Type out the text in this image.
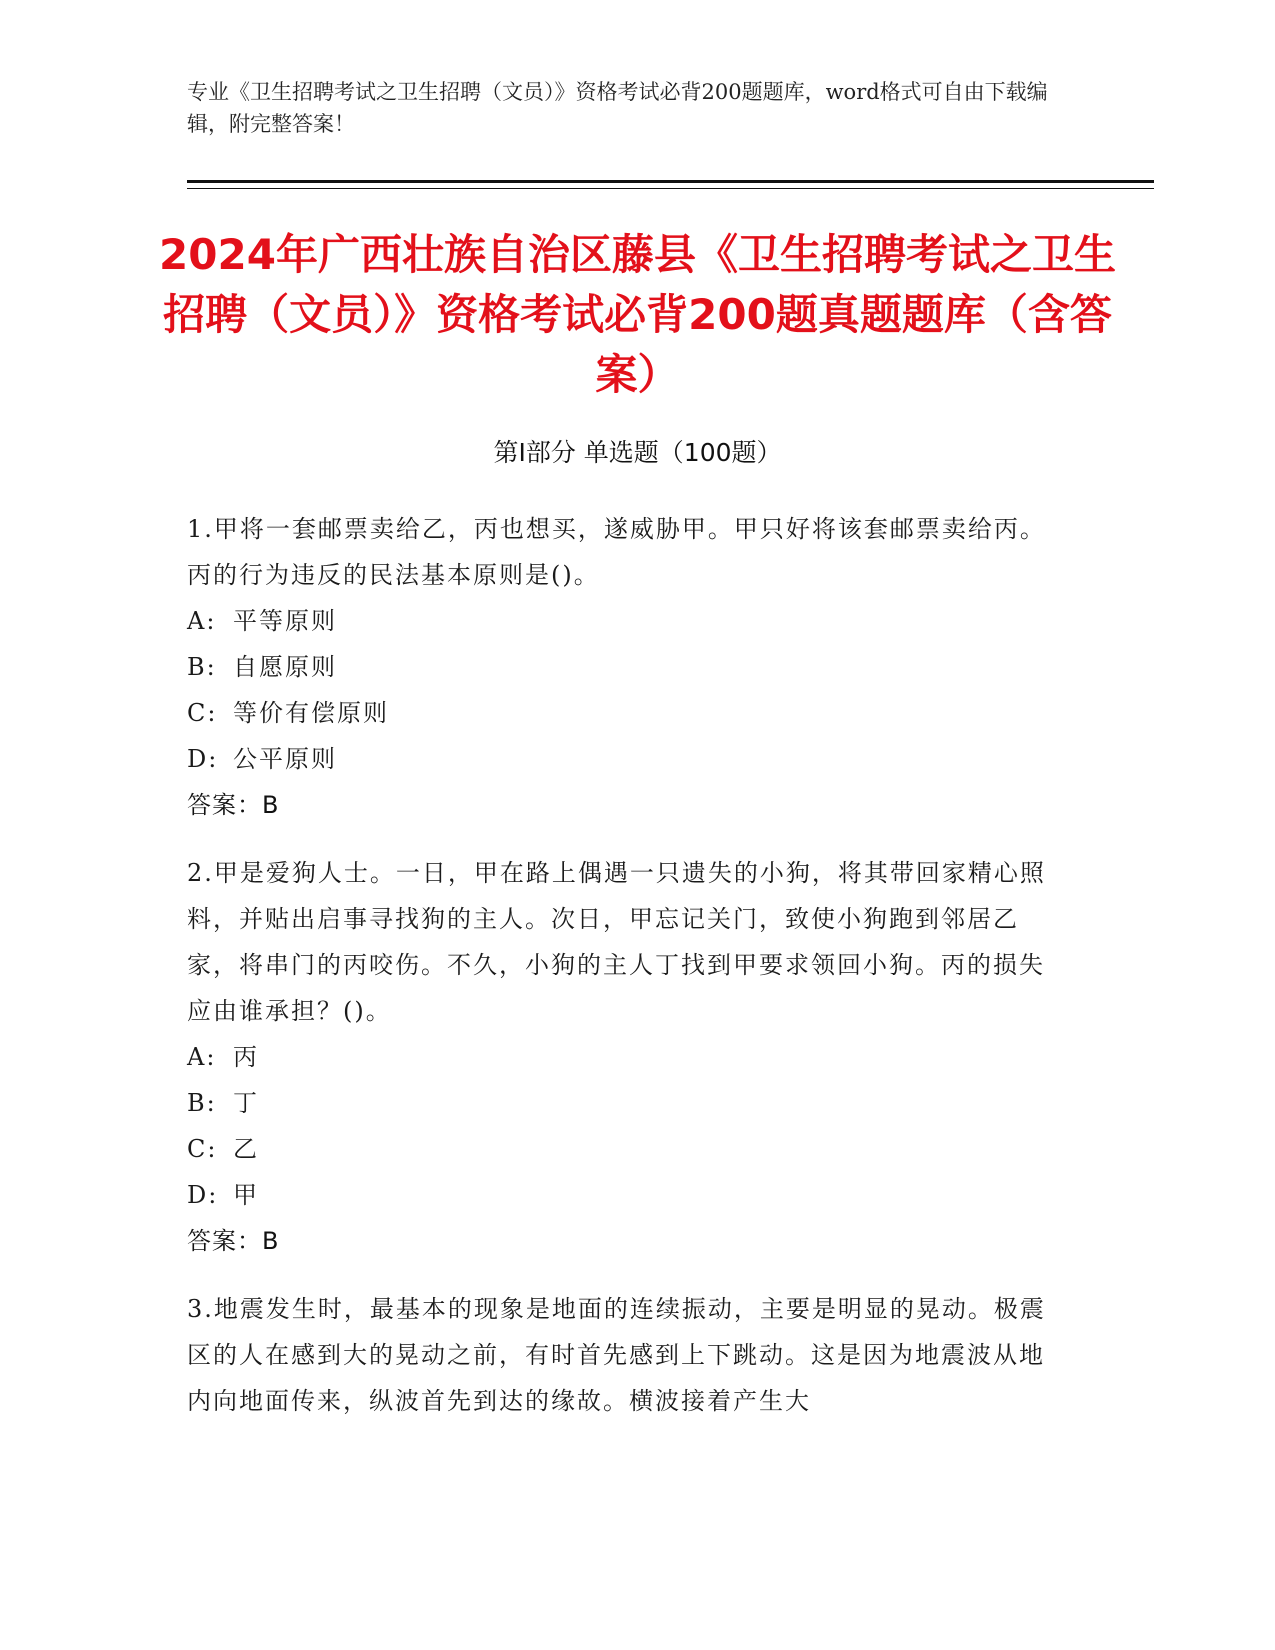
专业《卫生招聘考试之卫生招聘（文员）》资格考试必背200题题库，word格式可自由下载编辑，附完整答案！
2024年广西壮族自治区藤县《卫生招聘考试之卫生招聘（文员）》资格考试必背200题真题题库（含答案）
第Ⅰ部分 单选题（100题）
1.甲将一套邮票卖给乙，丙也想买，遂威胁甲。甲只好将该套邮票卖给丙。丙的行为违反的民法基本原则是()。
A: 平等原则
B: 自愿原则
C: 等价有偿原则
D: 公平原则
答案：B
2.甲是爱狗人士。一日，甲在路上偶遇一只遗失的小狗，将其带回家精心照料，并贴出启事寻找狗的主人。次日，甲忘记关门，致使小狗跑到邻居乙家，将串门的丙咬伤。不久，小狗的主人丁找到甲要求领回小狗。丙的损失应由谁承担？()。
A: 丙
B: 丁
C: 乙
D: 甲
答案：B
3.地震发生时，最基本的现象是地面的连续振动，主要是明显的晃动。极震区的人在感到大的晃动之前，有时首先感到上下跳动。这是因为地震波从地内向地面传来，纵波首先到达的缘故。横波接着产生大
